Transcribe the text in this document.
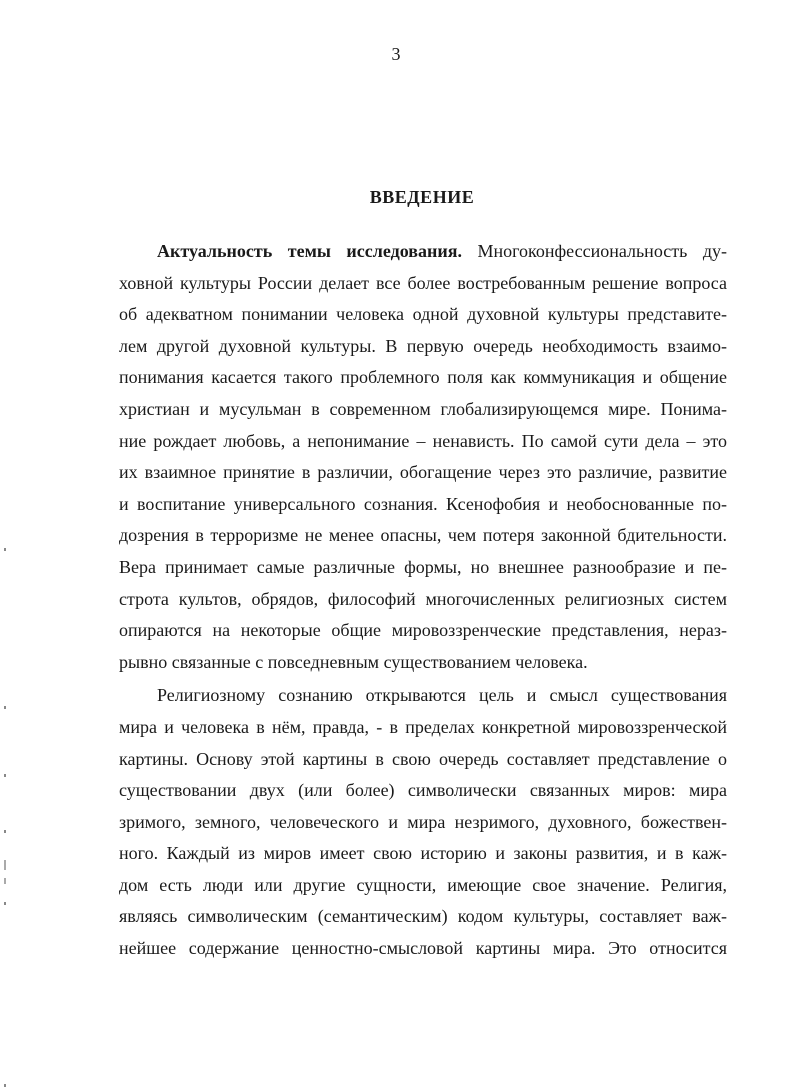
3
ВВЕДЕНИЕ
Актуальность темы исследования. Многоконфессиональность ду-
ховной культуры России делает все более востребованным решение вопроса
об адекватном понимании человека одной духовной культуры представите-
лем другой духовной культуры. В первую очередь необходимость взаимо-
понимания касается такого проблемного поля как коммуникация и общение
христиан и мусульман в современном глобализирующемся мире. Понима-
ние рождает любовь, а непонимание – ненависть. По самой сути дела – это
их взаимное принятие в различии, обогащение через это различие, развитие
и воспитание универсального сознания. Ксенофобия и необоснованные по-
дозрения в терроризме не менее опасны, чем потеря законной бдительности.
Вера принимает самые различные формы, но внешнее разнообразие и пе-
строта культов, обрядов, философий многочисленных религиозных систем
опираются на некоторые общие мировоззренческие представления, нераз-
рывно связанные с повседневным существованием человека.
Религиозному сознанию открываются цель и смысл существования
мира и человека в нём, правда, - в пределах конкретной мировоззренческой
картины. Основу этой картины в свою очередь составляет представление о
существовании двух (или более) символически связанных миров: мира
зримого, земного, человеческого и мира незримого, духовного, божествен-
ного. Каждый из миров имеет свою историю и законы развития, и в каж-
дом есть люди или другие сущности, имеющие свое значение. Религия,
являясь символическим (семантическим) кодом культуры, составляет важ-
нейшее содержание ценностно-смысловой картины мира. Это относится
